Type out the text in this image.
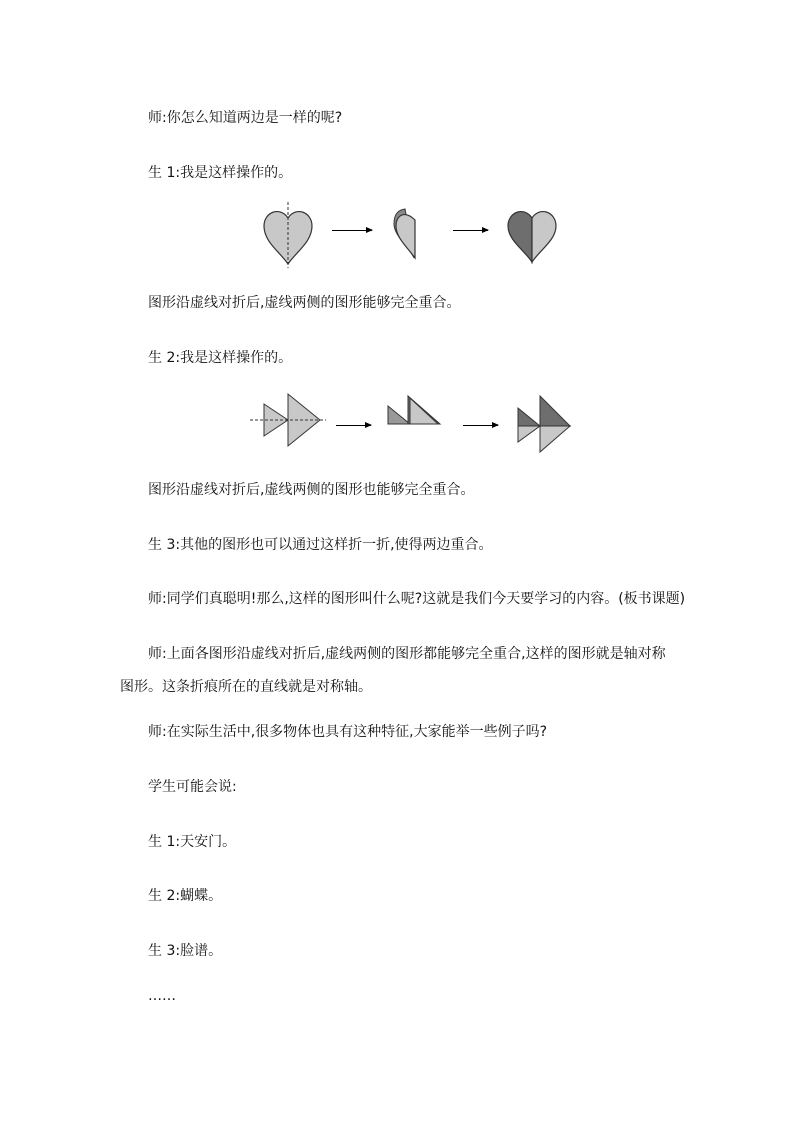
师:你怎么知道两边是一样的呢?
生 1:我是这样操作的。
图形沿虚线对折后,虚线两侧的图形能够完全重合。
生 2:我是这样操作的。
图形沿虚线对折后,虚线两侧的图形也能够完全重合。
生 3:其他的图形也可以通过这样折一折,使得两边重合。
师:同学们真聪明!那么,这样的图形叫什么呢?这就是我们今天要学习的内容。(板书课题)
师:上面各图形沿虚线对折后,虚线两侧的图形都能够完全重合,这样的图形就是轴对称
图形。这条折痕所在的直线就是对称轴。
师:在实际生活中,很多物体也具有这种特征,大家能举一些例子吗?
学生可能会说:
生 1:天安门。
生 2:蝴蝶。
生 3:脸谱。
……
